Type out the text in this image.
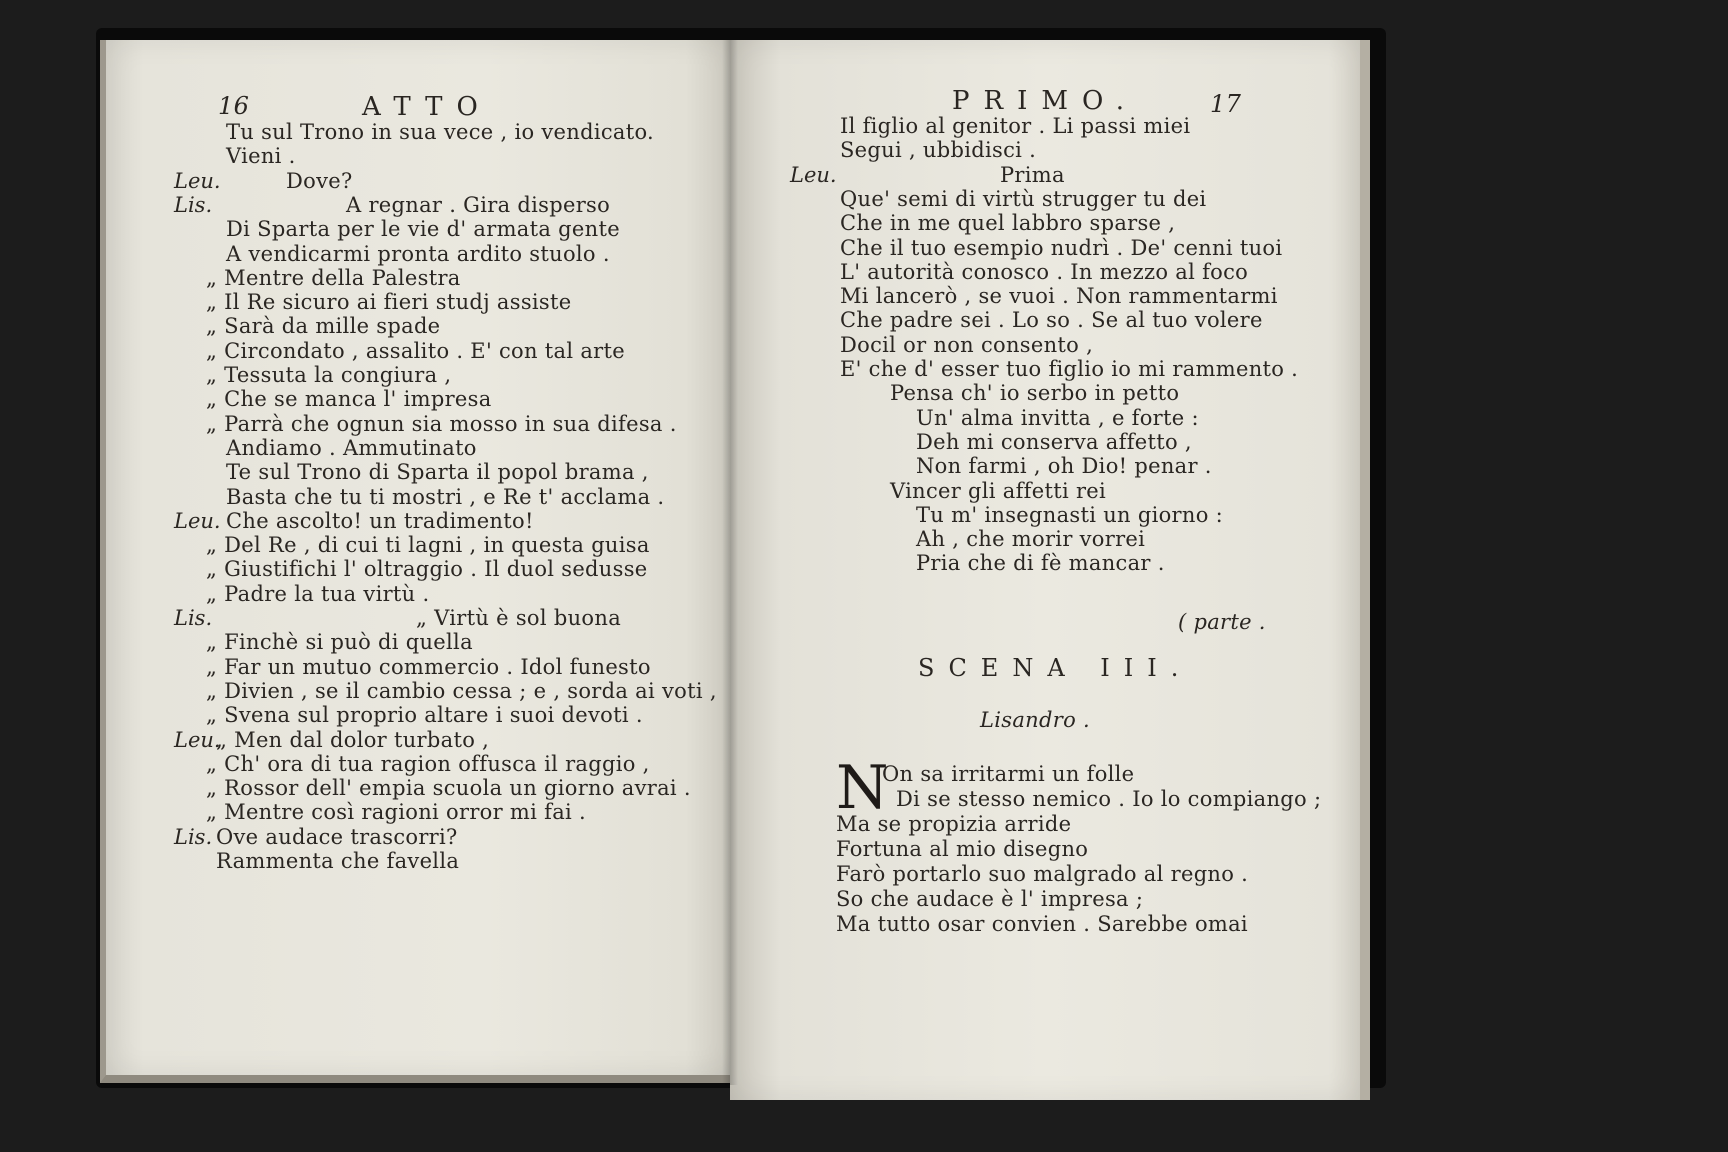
16	ATTO
Tu sul Trono in sua vece , io vendicato.
Vieni .
Dove?
Leu.
A regnar . Gira disperso
Lis.
Di Sparta per le vie d' armata gente
A vendicarmi pronta ardito stuolo .
„ Mentre della Palestra
„ Il Re sicuro ai fieri studj assiste
„ Sarà da mille spade
„ Circondato , assalito . E' con tal arte
„ Tessuta la congiura ,
„ Che se manca l' impresa
„ Parrà che ognun sia mosso in sua difesa .
Andiamo . Ammutinato
Te sul Trono di Sparta il popol brama ,
Basta che tu ti mostri , e Re t' acclama .
Che ascolto! un tradimento!
Leu.
„ Del Re , di cui ti lagni , in questa guisa
„ Giustifichi l' oltraggio . Il duol sedusse
„ Padre la tua virtù .
„ Virtù è sol buona
Lis.
„ Finchè si può di quella
„ Far un mutuo commercio . Idol funesto
„ Divien , se il cambio cessa ; e , sorda ai voti ,
„ Svena sul proprio altare i suoi devoti .
„ Men dal dolor turbato ,
Leu.
„ Ch' ora di tua ragion offusca il raggio ,
„ Rossor dell' empia scuola un giorno avrai .
„ Mentre così ragioni orror mi fai .
Ove audace trascorri?
Lis.
Rammenta che favella
PRIMO.	17
Il figlio al genitor . Li passi miei
Segui , ubbidisci .
Prima
Leu.
Que' semi di virtù strugger tu dei
Che in me quel labbro sparse ,
Che il tuo esempio nudrì . De' cenni tuoi
L' autorità conosco . In mezzo al foco
Mi lancerò , se vuoi . Non rammentarmi
Che padre sei . Lo so . Se al tuo volere
Docil or non consento ,
E' che d' esser tuo figlio io mi rammento .
Pensa ch' io serbo in petto
Un' alma invitta , e forte :
Deh mi conserva affetto ,
Non farmi , oh Dio! penar .
Vincer gli affetti rei
Tu m' insegnasti un giorno :
Ah , che morir vorrei
Pria che di fè mancar .
( parte .
SCENA III.
Lisandro .
N
On sa irritarmi un folle
Di se stesso nemico . Io lo compiango ;
Ma se propizia arride
Fortuna al mio disegno
Farò portarlo suo malgrado al regno .
So che audace è l' impresa ;
Ma tutto osar convien . Sarebbe omai
